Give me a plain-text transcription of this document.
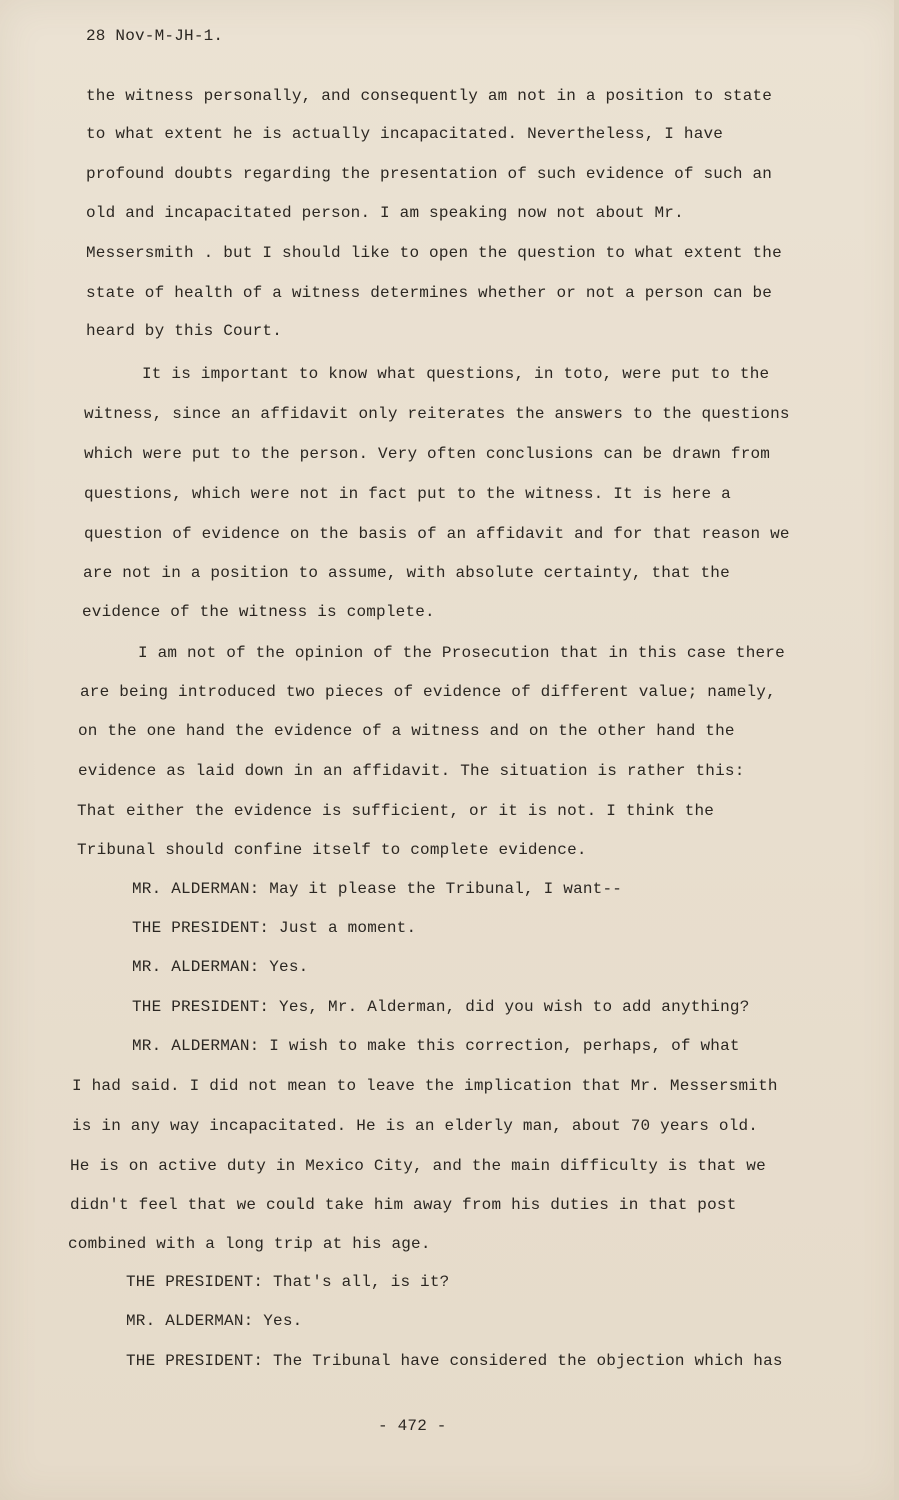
28 Nov-M-JH-1.
the witness personally, and consequently am not in a position to state
to what extent he is actually incapacitated. Nevertheless, I have
profound doubts regarding the presentation of such evidence of such an
old and incapacitated person. I am speaking now not about Mr.
Messersmith . but I should like to open the question to what extent the
state of health of a witness determines whether or not a person can be
heard by this Court.
It is important to know what questions, in toto, were put to the
witness, since an affidavit only reiterates the answers to the questions
which were put to the person. Very often conclusions can be drawn from
questions, which were not in fact put to the witness. It is here a
question of evidence on the basis of an affidavit and for that reason we
are not in a position to assume, with absolute certainty, that the
evidence of the witness is complete.
I am not of the opinion of the Prosecution that in this case there
are being introduced two pieces of evidence of different value; namely,
on the one hand the evidence of a witness and on the other hand the
evidence as laid down in an affidavit. The situation is rather this:
That either the evidence is sufficient, or it is not. I think the
Tribunal should confine itself to complete evidence.
MR. ALDERMAN: May it please the Tribunal, I want--
THE PRESIDENT: Just a moment.
MR. ALDERMAN: Yes.
THE PRESIDENT: Yes, Mr. Alderman, did you wish to add anything?
MR. ALDERMAN: I wish to make this correction, perhaps, of what
I had said. I did not mean to leave the implication that Mr. Messersmith
is in any way incapacitated. He is an elderly man, about 70 years old.
He is on active duty in Mexico City, and the main difficulty is that we
didn't feel that we could take him away from his duties in that post
combined with a long trip at his age.
THE PRESIDENT: That's all, is it?
MR. ALDERMAN: Yes.
THE PRESIDENT: The Tribunal have considered the objection which has
- 472 -
